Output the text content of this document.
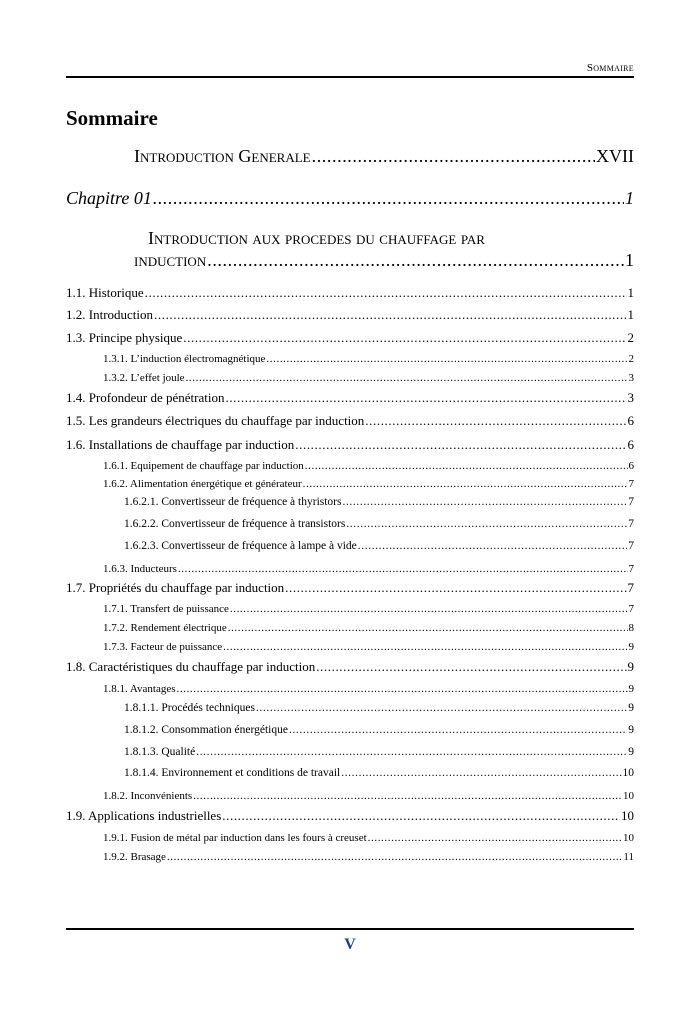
Sommaire
Sommaire
Introduction Generale .....	XVII
Chapitre 01 .....	1
Introduction aux procedes du chauffage par
induction .....	1
1.1. Historique .....	1
1.2. Introduction .....	1
1.3. Principe physique .....	2
1.3.1. L’induction électromagnétique .....	2
1.3.2. L’effet joule .....	3
1.4. Profondeur de pénétration .....	3
1.5. Les grandeurs électriques du chauffage par induction .....	6
1.6. Installations de chauffage par induction .....	6
1.6.1. Equipement de chauffage par induction .....	6
1.6.2. Alimentation énergétique et générateur .....	7
1.6.2.1. Convertisseur de fréquence à thyristors .....	7
1.6.2.2. Convertisseur de fréquence à transistors .....	7
1.6.2.3. Convertisseur de fréquence à lampe à vide .....	7
1.6.3. Inducteurs .....	7
1.7. Propriétés du chauffage par induction .....	7
1.7.1. Transfert de puissance .....	7
1.7.2. Rendement électrique .....	8
1.7.3. Facteur de puissance .....	9
1.8. Caractéristiques du chauffage par induction .....	9
1.8.1. Avantages .....	9
1.8.1.1. Procédés techniques .....	9
1.8.1.2. Consommation énergétique .....	9
1.8.1.3. Qualité .....	9
1.8.1.4. Environnement et conditions de travail .....	10
1.8.2. Inconvénients .....	10
1.9. Applications industrielles .....	10
1.9.1. Fusion de métal par induction dans les fours à creuset .....	10
1.9.2. Brasage .....	11
V
